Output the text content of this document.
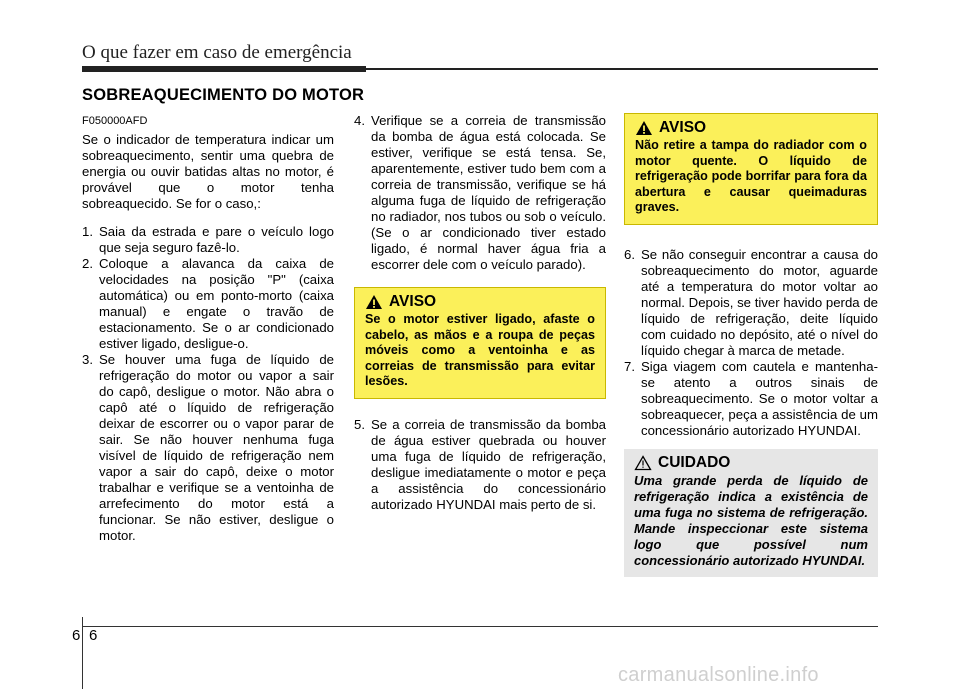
O que fazer em caso de emergência
SOBREAQUECIMENTO DO MOTOR
F050000AFD

Se o indicador de temperatura indicar um sobreaquecimento, sentir uma quebra de energia ou ouvir batidas altas no motor, é provável que o motor tenha sobreaquecido. Se for o caso,:

1. Saia da estrada e pare o veículo logo que seja seguro fazê-lo.
2. Coloque a alavanca da caixa de velocidades na posição "P" (caixa automática) ou em ponto-morto (caixa manual) e engate o travão de estacionamento. Se o ar condicionado estiver ligado, desligue-o.
3. Se houver uma fuga de líquido de refrigeração do motor ou vapor a sair do capô, desligue o motor. Não abra o capô até o líquido de refrigeração deixar de escorrer ou o vapor parar de sair. Se não houver nenhuma fuga visível de líquido de refrigeração nem vapor a sair do capô, deixe o motor trabalhar e verifique se a ventoinha de arrefecimento do motor está a funcionar. Se não estiver, desligue o motor.
4. Verifique se a correia de transmissão da bomba de água está colocada. Se estiver, verifique se está tensa. Se, aparentemente, estiver tudo bem com a correia de transmissão, verifique se há alguma fuga de líquido de refrigeração no radiador, nos tubos ou sob o veículo. (Se o ar condicionado tiver estado ligado, é normal haver água fria a escorrer dele com o veículo parado).
AVISO
Se o motor estiver ligado, afaste o cabelo, as mãos e a roupa de peças móveis como a ventoinha e as correias de transmissão para evitar lesões.
5. Se a correia de transmissão da bomba de água estiver quebrada ou houver uma fuga de líquido de refrigeração, desligue imediatamente o motor e peça a assistência do concessionário autorizado HYUNDAI mais perto de si.
AVISO
Não retire a tampa do radiador com o motor quente. O líquido de refrigeração pode borrifar para fora da abertura e causar queimaduras graves.
6. Se não conseguir encontrar a causa do sobreaquecimento do motor, aguarde até a temperatura do motor voltar ao normal. Depois, se tiver havido perda de líquido de refrigeração, deite líquido com cuidado no depósito, até o nível do líquido chegar à marca de metade.
7. Siga viagem com cautela e mantenha-se atento a outros sinais de sobreaquecimento. Se o motor voltar a sobreaquecer, peça a assistência de um concessionário autorizado HYUNDAI.
CUIDADO
Uma grande perda de líquido de refrigeração indica a existência de uma fuga no sistema de refrigeração. Mande inspeccionar este sistema logo que possível num concessionário autorizado HYUNDAI.
6 6
carmanualsonline.info
